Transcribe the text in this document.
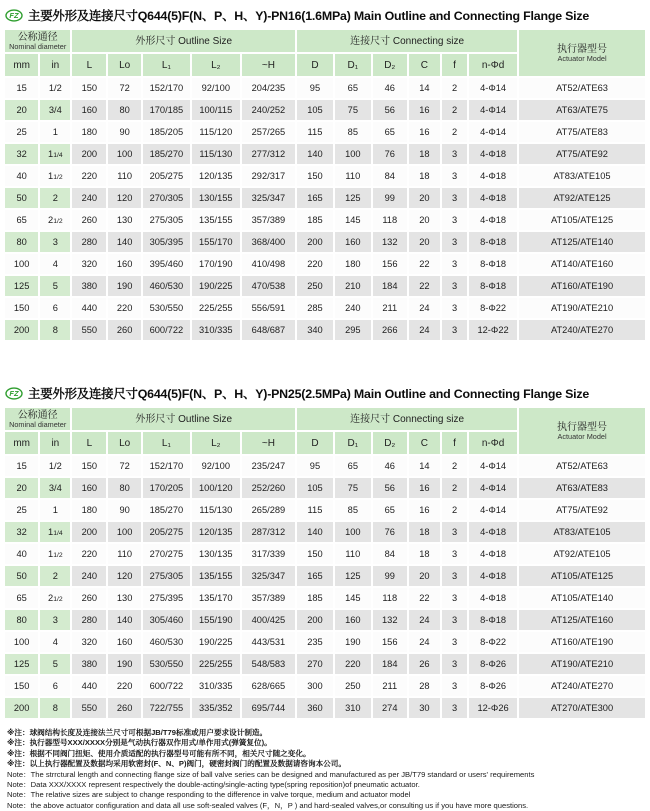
FZ 主要外形及连接尺寸Q644(5)F(N、P、H、Y)-PN16(1.6MPa) Main Outline and Connecting Flange Size
公称通径
Nominal diameter		外形尺寸 Outline Size					连接尺寸 Connecting size						执行器型号
Actuator Model

mm	in	L	Lo	L₁	L₂	~H	D	D₁	D₂	C	f	n-Φd	
15	1/2	150	72	152/170	92/100	204/235	95	65	46	14	2	4-Φ14	AT52/ATE63
20	3/4	160	80	170/185	100/115	240/252	105	75	56	16	2	4-Φ14	AT63/ATE75
25	1	180	90	185/205	115/120	257/265	115	85	65	16	2	4-Φ14	AT75/ATE83
32	11/4	200	100	185/270	115/130	277/312	140	100	76	18	3	4-Φ18	AT75/ATE92
40	11/2	220	110	205/275	120/135	292/317	150	110	84	18	3	4-Φ18	AT83/ATE105
50	2	240	120	270/305	130/155	325/347	165	125	99	20	3	4-Φ18	AT92/ATE125
65	21/2	260	130	275/305	135/155	357/389	185	145	118	20	3	4-Φ18	AT105/ATE125
80	3	280	140	305/395	155/170	368/400	200	160	132	20	3	8-Φ18	AT125/ATE140
100	4	320	160	395/460	170/190	410/498	220	180	156	22	3	8-Φ18	AT140/ATE160
125	5	380	190	460/530	190/225	470/538	250	210	184	22	3	8-Φ18	AT160/ATE190
150	6	440	220	530/550	225/255	556/591	285	240	211	24	3	8-Φ22	AT190/ATE210
200	8	550	260	600/722	310/335	648/687	340	295	266	24	3	12-Φ22	AT240/ATE270
FZ 主要外形及连接尺寸Q644(5)F(N、P、H、Y)-PN25(2.5MPa) Main Outline and Connecting Flange Size
公称通径
Nominal diameter		外形尺寸 Outline Size					连接尺寸 Connecting size						执行器型号
Actuator Model

mm	in	L	Lo	L₁	L₂	~H	D	D₁	D₂	C	f	n-Φd	
15	1/2	150	72	152/170	92/100	235/247	95	65	46	14	2	4-Φ14	AT52/ATE63
20	3/4	160	80	170/205	100/120	252/260	105	75	56	16	2	4-Φ14	AT63/ATE83
25	1	180	90	185/270	115/130	265/289	115	85	65	16	2	4-Φ14	AT75/ATE92
32	11/4	200	100	205/275	120/135	287/312	140	100	76	18	3	4-Φ18	AT83/ATE105
40	11/2	220	110	270/275	130/135	317/339	150	110	84	18	3	4-Φ18	AT92/ATE105
50	2	240	120	275/305	135/155	325/347	165	125	99	20	3	4-Φ18	AT105/ATE125
65	21/2	260	130	275/395	135/170	357/389	185	145	118	22	3	4-Φ18	AT105/ATE140
80	3	280	140	305/460	155/190	400/425	200	160	132	24	3	8-Φ18	AT125/ATE160
100	4	320	160	460/530	190/225	443/531	235	190	156	24	3	8-Φ22	AT160/ATE190
125	5	380	190	530/550	225/255	548/583	270	220	184	26	3	8-Φ26	AT190/ATE210
150	6	440	220	600/722	310/335	628/665	300	250	211	28	3	8-Φ26	AT240/ATE270
200	8	550	260	722/755	335/352	695/744	360	310	274	30	3	12-Φ26	AT270/ATE300
※注：球阀结构长度及连接法兰尺寸可根据JB/T79标准或用户要求设计制造。
※注：执行器型号XXX/XXXX分别是气动执行器双作用式/单作用式(弹簧复位)。
※注：根据不同阀门扭矩、使用介质适配的执行器型号可能有所不同，相关尺寸随之变化。
※注：以上执行器配置及数据均采用软密封(F、N、P)阀门，硬密封阀门的配置及数据请咨询本公司。
Note：The strrctural length and connecting flange size of ball valve series can be designed and manufactured as per JB/T79 standard or users' requirements
Note：Data XXX/XXXX represent respectively the double-acting/single-acting type(spring reposition)of pneumatic actuator.
Note：The relative sizes are subject to change responding to the difference in valve torque, medium and actuator model
Note：the above actuator configuration and data all use soft-sealed valves (F，N，P ) and hard-sealed valves,or consulting us if you have more questions.
